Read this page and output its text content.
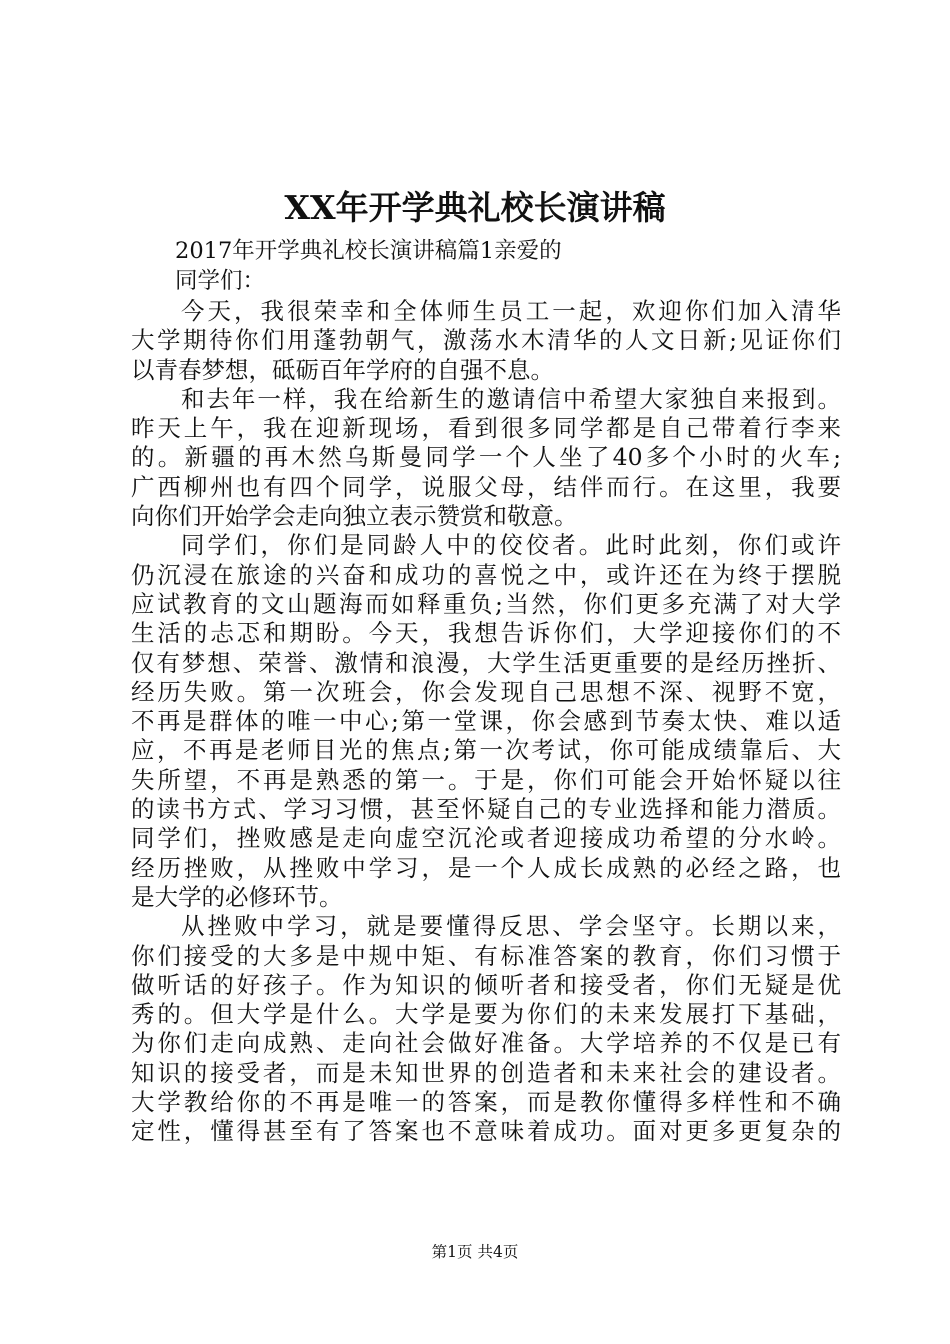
XX年开学典礼校长演讲稿
2017年开学典礼校长演讲稿篇1亲爱的
同学们：
今天，我很荣幸和全体师生员工一起，欢迎你们加入清华
大学期待你们用蓬勃朝气，激荡水木清华的人文日新;见证你们
以青春梦想，砥砺百年学府的自强不息。
和去年一样，我在给新生的邀请信中希望大家独自来报到。
昨天上午，我在迎新现场，看到很多同学都是自己带着行李来
的。新疆的再木然乌斯曼同学一个人坐了40多个小时的火车;
广西柳州也有四个同学，说服父母，结伴而行。在这里，我要
向你们开始学会走向独立表示赞赏和敬意。
同学们，你们是同龄人中的佼佼者。此时此刻，你们或许
仍沉浸在旅途的兴奋和成功的喜悦之中，或许还在为终于摆脱
应试教育的文山题海而如释重负;当然，你们更多充满了对大学
生活的忐忑和期盼。今天，我想告诉你们，大学迎接你们的不
仅有梦想、荣誉、激情和浪漫，大学生活更重要的是经历挫折、
经历失败。第一次班会，你会发现自己思想不深、视野不宽，
不再是群体的唯一中心;第一堂课，你会感到节奏太快、难以适
应，不再是老师目光的焦点;第一次考试，你可能成绩靠后、大
失所望，不再是熟悉的第一。于是，你们可能会开始怀疑以往
的读书方式、学习习惯，甚至怀疑自己的专业选择和能力潜质。
同学们，挫败感是走向虚空沉沦或者迎接成功希望的分水岭。
经历挫败，从挫败中学习，是一个人成长成熟的必经之路，也
是大学的必修环节。
从挫败中学习，就是要懂得反思、学会坚守。长期以来，
你们接受的大多是中规中矩、有标准答案的教育，你们习惯于
做听话的好孩子。作为知识的倾听者和接受者，你们无疑是优
秀的。但大学是什么。大学是要为你们的未来发展打下基础，
为你们走向成熟、走向社会做好准备。大学培养的不仅是已有
知识的接受者，而是未知世界的创造者和未来社会的建设者。
大学教给你的不再是唯一的答案，而是教你懂得多样性和不确
定性，懂得甚至有了答案也不意味着成功。面对更多更复杂的
第1页 共4页
